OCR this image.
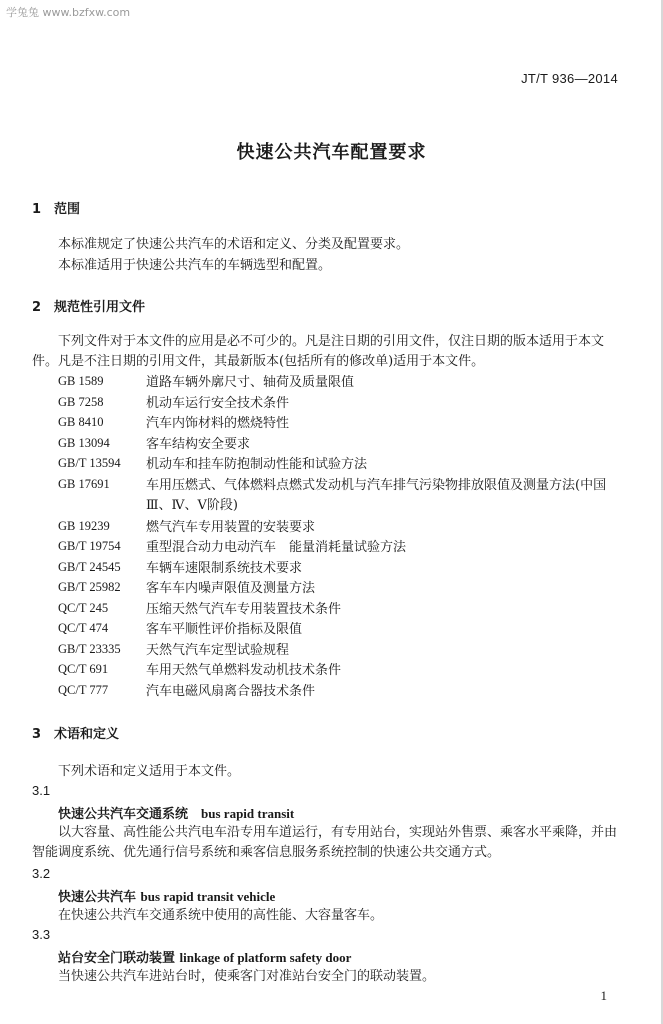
学兔兔 www.bzfxw.com
JT/T 936—2014
快速公共汽车配置要求
1 范围
本标准规定了快速公共汽车的术语和定义、分类及配置要求。
本标准适用于快速公共汽车的车辆选型和配置。
2 规范性引用文件
下列文件对于本文件的应用是必不可少的。凡是注日期的引用文件，仅注日期的版本适用于本文件。凡是不注日期的引用文件，其最新版本(包括所有的修改单)适用于本文件。
GB 1589	道路车辆外廓尺寸、轴荷及质量限值
GB 7258	机动车运行安全技术条件
GB 8410	汽车内饰材料的燃烧特性
GB 13094	客车结构安全要求
GB/T 13594 机动车和挂车防抱制动性能和试验方法
GB 17691	车用压燃式、气体燃料点燃式发动机与汽车排气污染物排放限值及测量方法(中国Ⅲ、Ⅳ、Ⅴ阶段)
GB 19239	燃气汽车专用装置的安装要求
GB/T 19754 重型混合动力电动汽车　能量消耗量试验方法
GB/T 24545 车辆车速限制系统技术要求
GB/T 25982 客车车内噪声限值及测量方法
QC/T 245	压缩天然气汽车专用装置技术条件
QC/T 474	客车平顺性评价指标及限值
GB/T 23335 天然气汽车定型试验规程
QC/T 691	车用天然气单燃料发动机技术条件
QC/T 777	汽车电磁风扇离合器技术条件
3 术语和定义
下列术语和定义适用于本文件。
3.1
快速公共汽车交通系统　 bus rapid transit
以大容量、高性能公共汽电车沿专用车道运行，有专用站台，实现站外售票、乘客水平乘降，并由智能调度系统、优先通行信号系统和乘客信息服务系统控制的快速公共交通方式。
3.2
快速公共汽车 bus rapid transit vehicle
在快速公共汽车交通系统中使用的高性能、大容量客车。
3.3
站台安全门联动装置 linkage of platform safety door
当快速公共汽车进站台时，使乘客门对准站台安全门的联动装置。
1
